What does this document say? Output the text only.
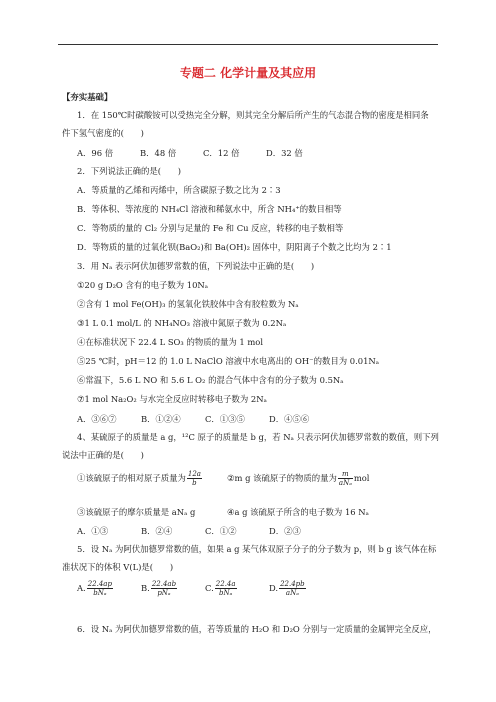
专题二 化学计量及其应用
【夯实基础】
1．在 150℃时碳酸铵可以受热完全分解，则其完全分解后所产生的气态混合物的密度是相同条
件下氢气密度的(　　)
A．96 倍	B．48 倍	C．12 倍	D．32 倍
2．下列说法正确的是(　　)
A．等质量的乙烯和丙烯中，所含碳原子数之比为 2∶3
B．等体积、等浓度的 NH₄Cl 溶液和稀氨水中，所含 NH₄⁺的数目相等
C．等物质的量的 Cl₂ 分别与足量的 Fe 和 Cu 反应，转移的电子数相等
D．等物质的量的过氧化钡(BaO₂)和 Ba(OH)₂ 固体中，阴阳离子个数之比均为 2∶1
3．用 Nₐ 表示阿伏加德罗常数的值，下列说法中正确的是(　　)
①20 g D₂O 含有的电子数为 10Nₐ
②含有 1 mol Fe(OH)₃ 的氢氧化铁胶体中含有胶粒数为 Nₐ
③1 L 0.1 mol/L 的 NH₄NO₃ 溶液中氮原子数为 0.2Nₐ
④在标准状况下 22.4 L SO₃ 的物质的量为 1 mol
⑤25 ℃时，pH＝12 的 1.0 L NaClO 溶液中水电离出的 OH⁻的数目为 0.01Nₐ
⑥常温下，5.6 L NO 和 5.6 L O₂ 的混合气体中含有的分子数为 0.5Nₐ
⑦1 mol Na₂O₂ 与水完全反应时转移电子数为 2Nₐ
A．③⑥⑦	B．①②④	C．①③⑤	D．④⑤⑥
4、某硫原子的质量是 a g，¹²C 原子的质量是 b g，若 Nₐ 只表示阿伏加德罗常数的数值，则下列
说法中正确的是(　　)
①该硫原子的相对原子质量为 $\frac{12a}{b}$	②m g 该硫原子的物质的量为 $\frac{m}{\text{aNₐ}}$ mol
③该硫原子的摩尔质量是 aNₐ g	④a g 该硫原子所含的电子数为 16 Nₐ
A．①③	B．②④	C．①②	D．②③
5．设 Nₐ 为阿伏加德罗常数的值，如果 a g 某气体双原子分子的分子数为 p，则 b g 该气体在标
准状况下的体积 V(L)是(　　)
A. $\frac{22.4ap}{\text{bNₐ}}$	B. $\frac{22.4ab}{\text{pNₐ}}$	C. $\frac{22.4a}{\text{bNₐ}}$	D. $\frac{22.4pb}{\text{aNₐ}}$
6．设 Nₐ 为阿伏加德罗常数的值，若等质量的 H₂O 和 D₂O 分别与一定质量的金属钾完全反应，
